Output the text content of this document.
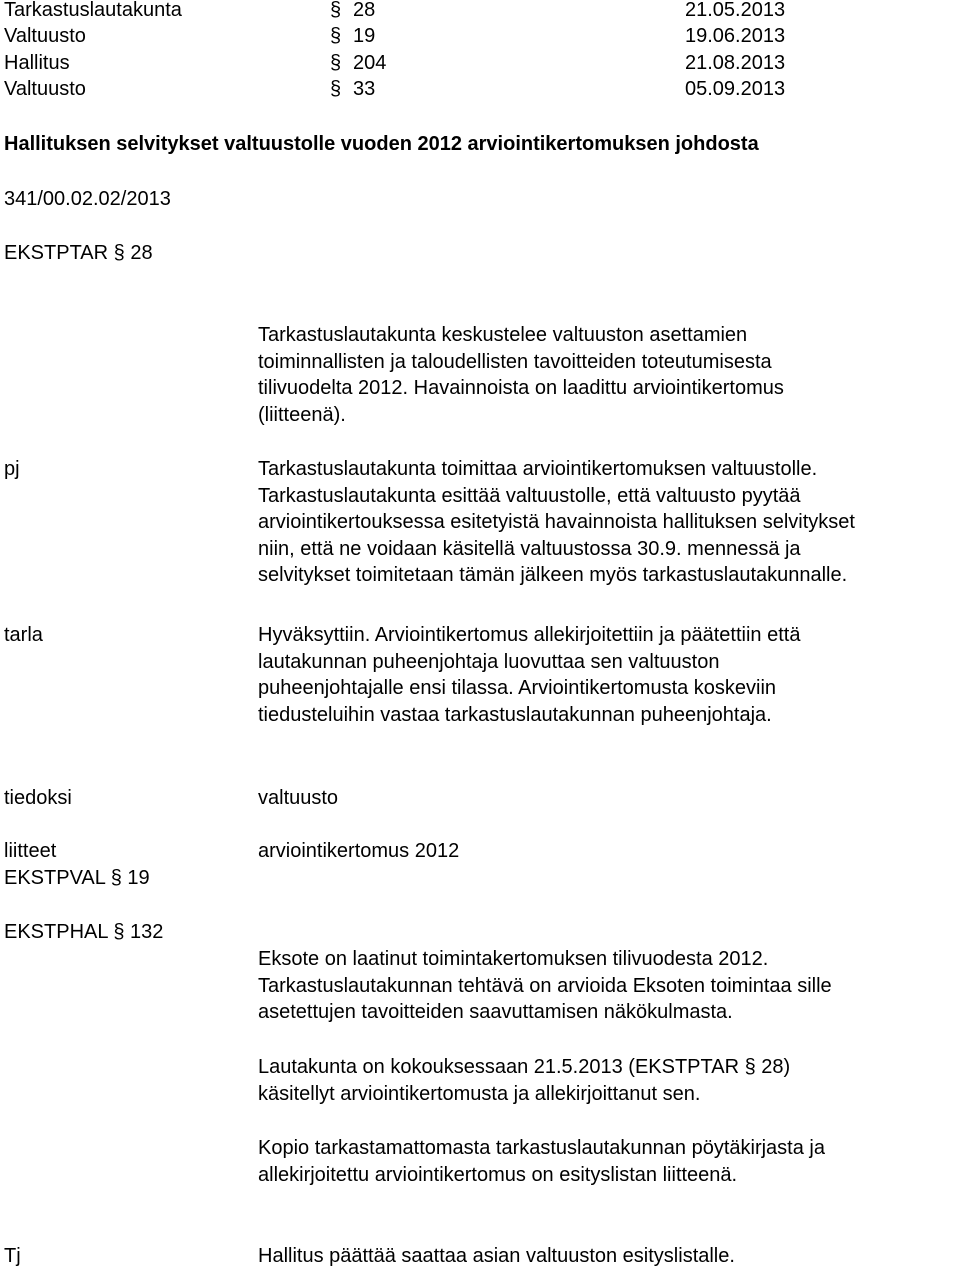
Tarkastuslautakunta	§ 28	21.05.2013
Valtuusto	§ 19	19.06.2013
Hallitus	§ 204	21.08.2013
Valtuusto	§ 33	05.09.2013
Hallituksen selvitykset valtuustolle vuoden 2012 arviointikertomuksen johdosta
341/00.02.02/2013
EKSTPTAR § 28
Tarkastuslautakunta keskustelee valtuuston asettamien
toiminnallisten ja taloudellisten tavoitteiden toteutumisesta
tilivuodelta 2012. Havainnoista on laadittu arviointikertomus
(liitteenä).
pj	Tarkastuslautakunta toimittaa arviointikertomuksen valtuustolle.
Tarkastuslautakunta esittää valtuustolle, että valtuusto pyytää
arviointikertouksessa esitetyistä havainnoista hallituksen selvitykset
niin, että ne voidaan käsitellä valtuustossa 30.9. mennessä ja
selvitykset toimitetaan tämän jälkeen myös tarkastuslautakunnalle.
tarla	Hyväksyttiin. Arviointikertomus allekirjoitettiin ja päätettiin että
lautakunnan puheenjohtaja luovuttaa sen valtuuston
puheenjohtajalle ensi tilassa. Arviointikertomusta koskeviin
tiedusteluihin vastaa tarkastuslautakunnan puheenjohtaja.
tiedoksi	valtuusto
liitteet	arviointikertomus 2012
EKSTPVAL § 19
EKSTPHAL § 132
Eksote on laatinut toimintakertomuksen tilivuodesta 2012.
Tarkastuslautakunnan tehtävä on arvioida Eksoten toimintaa sille
asetettujen tavoitteiden saavuttamisen näkökulmasta.
Lautakunta on kokouksessaan 21.5.2013 (EKSTPTAR § 28)
käsitellyt arviointikertomusta ja allekirjoittanut sen.
Kopio tarkastamattomasta tarkastuslautakunnan pöytäkirjasta ja
allekirjoitettu arviointikertomus on esityslistan liitteenä.
Tj	Hallitus päättää saattaa asian valtuuston esityslistalle.
